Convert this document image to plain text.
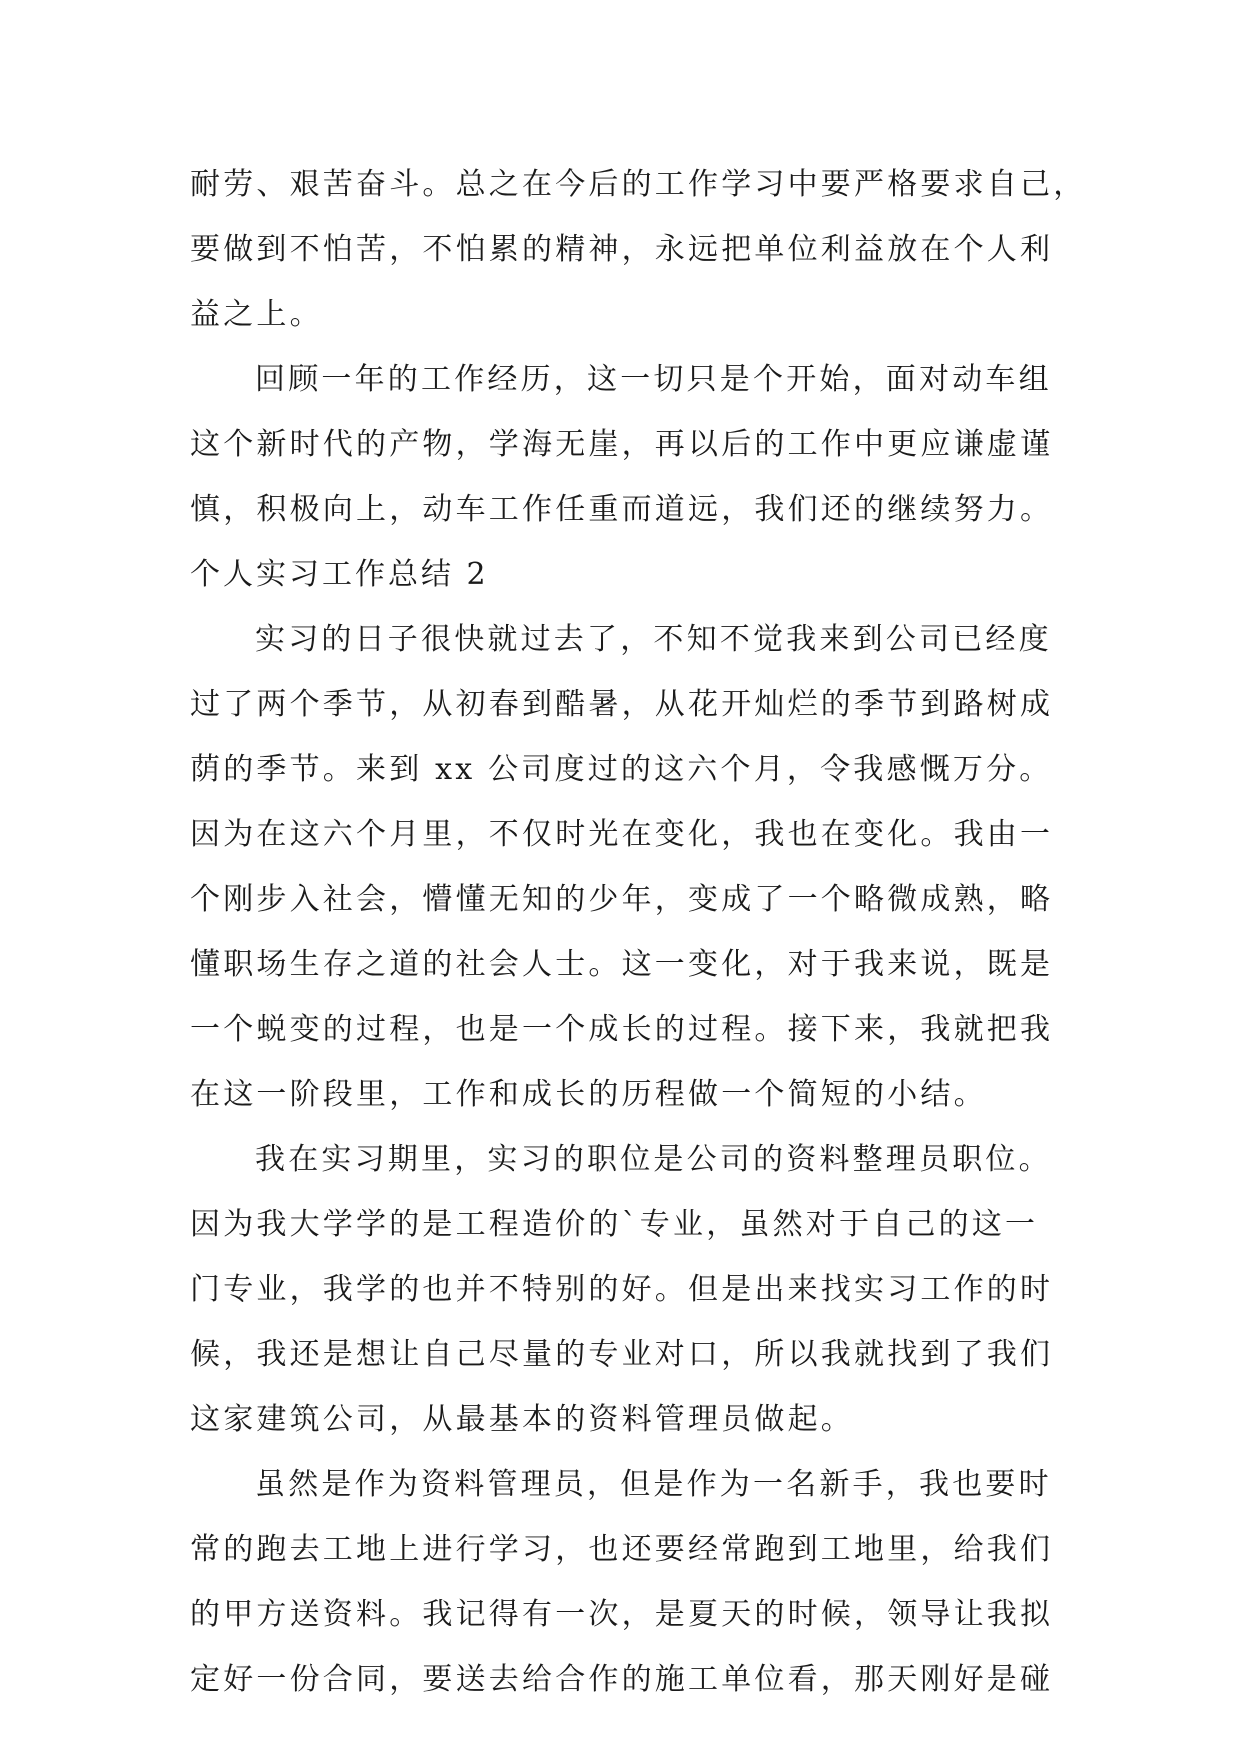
耐劳、艰苦奋斗。总之在今后的工作学习中要严格要求自己，
要做到不怕苦，不怕累的精神，永远把单位利益放在个人利
益之上。
回顾一年的工作经历，这一切只是个开始，面对动车组
这个新时代的产物，学海无崖，再以后的工作中更应谦虚谨
慎，积极向上，动车工作任重而道远，我们还的继续努力。
个人实习工作总结 2
实习的日子很快就过去了，不知不觉我来到公司已经度
过了两个季节，从初春到酷暑，从花开灿烂的季节到路树成
荫的季节。来到 xx 公司度过的这六个月，令我感慨万分。
因为在这六个月里，不仅时光在变化，我也在变化。我由一
个刚步入社会，懵懂无知的少年，变成了一个略微成熟，略
懂职场生存之道的社会人士。这一变化，对于我来说，既是
一个蜕变的过程，也是一个成长的过程。接下来，我就把我
在这一阶段里，工作和成长的历程做一个简短的小结。
我在实习期里，实习的职位是公司的资料整理员职位。
因为我大学学的是工程造价的`专业，虽然对于自己的这一
门专业，我学的也并不特别的好。但是出来找实习工作的时
候，我还是想让自己尽量的专业对口，所以我就找到了我们
这家建筑公司，从最基本的资料管理员做起。
虽然是作为资料管理员，但是作为一名新手，我也要时
常的跑去工地上进行学习，也还要经常跑到工地里，给我们
的甲方送资料。我记得有一次，是夏天的时候，领导让我拟
定好一份合同，要送去给合作的施工单位看，那天刚好是碰
